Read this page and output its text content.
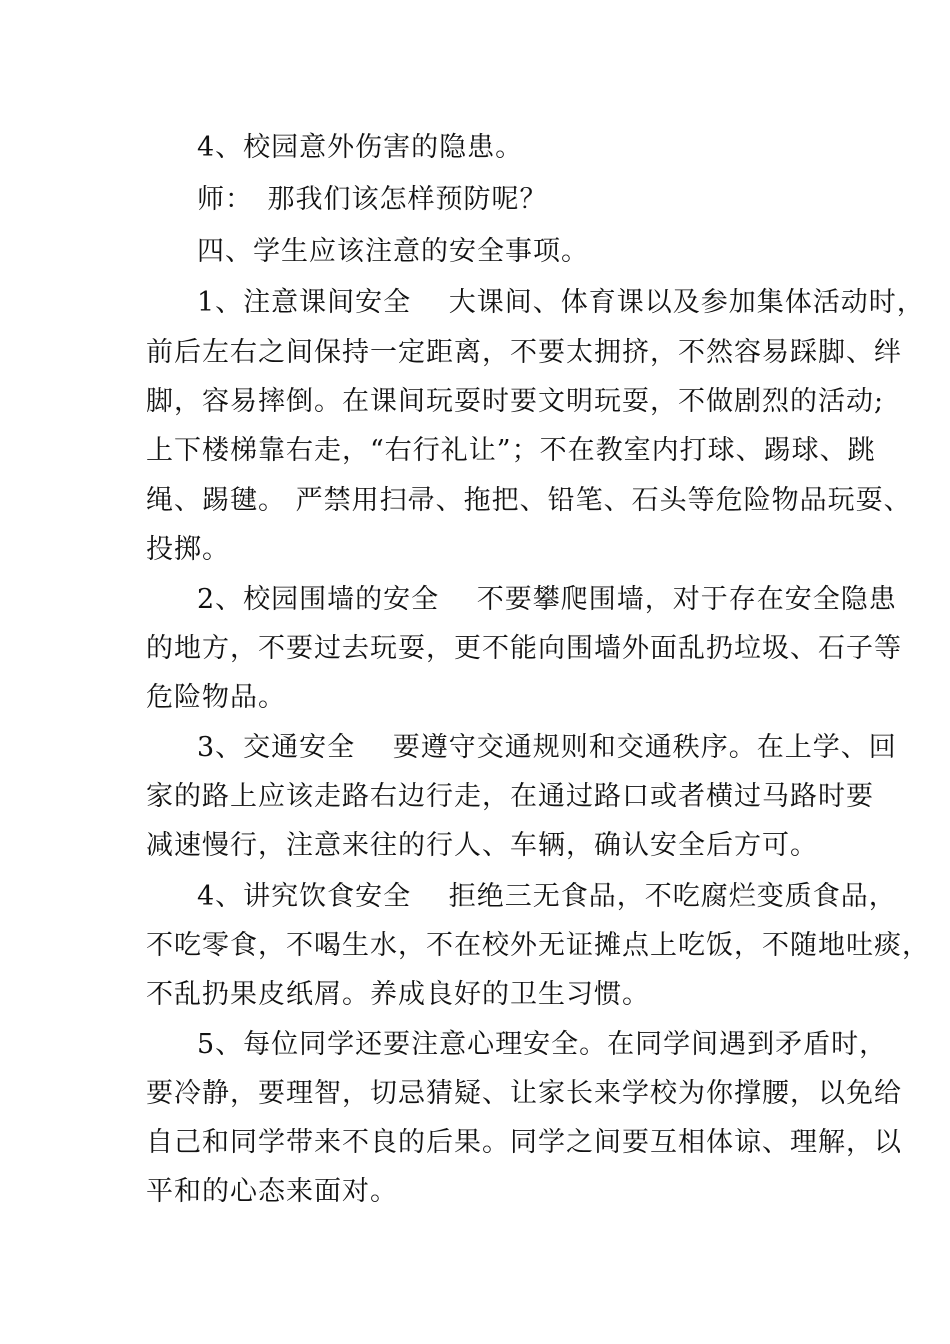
4、校园意外伤害的隐患。
师：　那我们该怎样预防呢？
四、学生应该注意的安全事项。
1、注意课间安全　 大课间、体育课以及参加集体活动时，
前后左右之间保持一定距离，不要太拥挤，不然容易踩脚、绊
脚，容易摔倒。在课间玩耍时要文明玩耍，不做剧烈的活动;
上下楼梯靠右走，“右行礼让”；不在教室内打球、踢球、跳
绳、踢毽。 严禁用扫帚、拖把、铅笔、石头等危险物品玩耍、
投掷。
2、校园围墙的安全　 不要攀爬围墙，对于存在安全隐患
的地方，不要过去玩耍，更不能向围墙外面乱扔垃圾、石子等
危险物品。
3、交通安全　 要遵守交通规则和交通秩序。在上学、回
家的路上应该走路右边行走，在通过路口或者横过马路时要
减速慢行，注意来往的行人、车辆，确认安全后方可。
4、讲究饮食安全　 拒绝三无食品，不吃腐烂变质食品，
不吃零食，不喝生水，不在校外无证摊点上吃饭，不随地吐痰，
不乱扔果皮纸屑。养成良好的卫生习惯。
5、每位同学还要注意心理安全。在同学间遇到矛盾时，
要冷静，要理智，切忌猜疑、让家长来学校为你撑腰，以免给
自己和同学带来不良的后果。同学之间要互相体谅、理解，以
平和的心态来面对。
